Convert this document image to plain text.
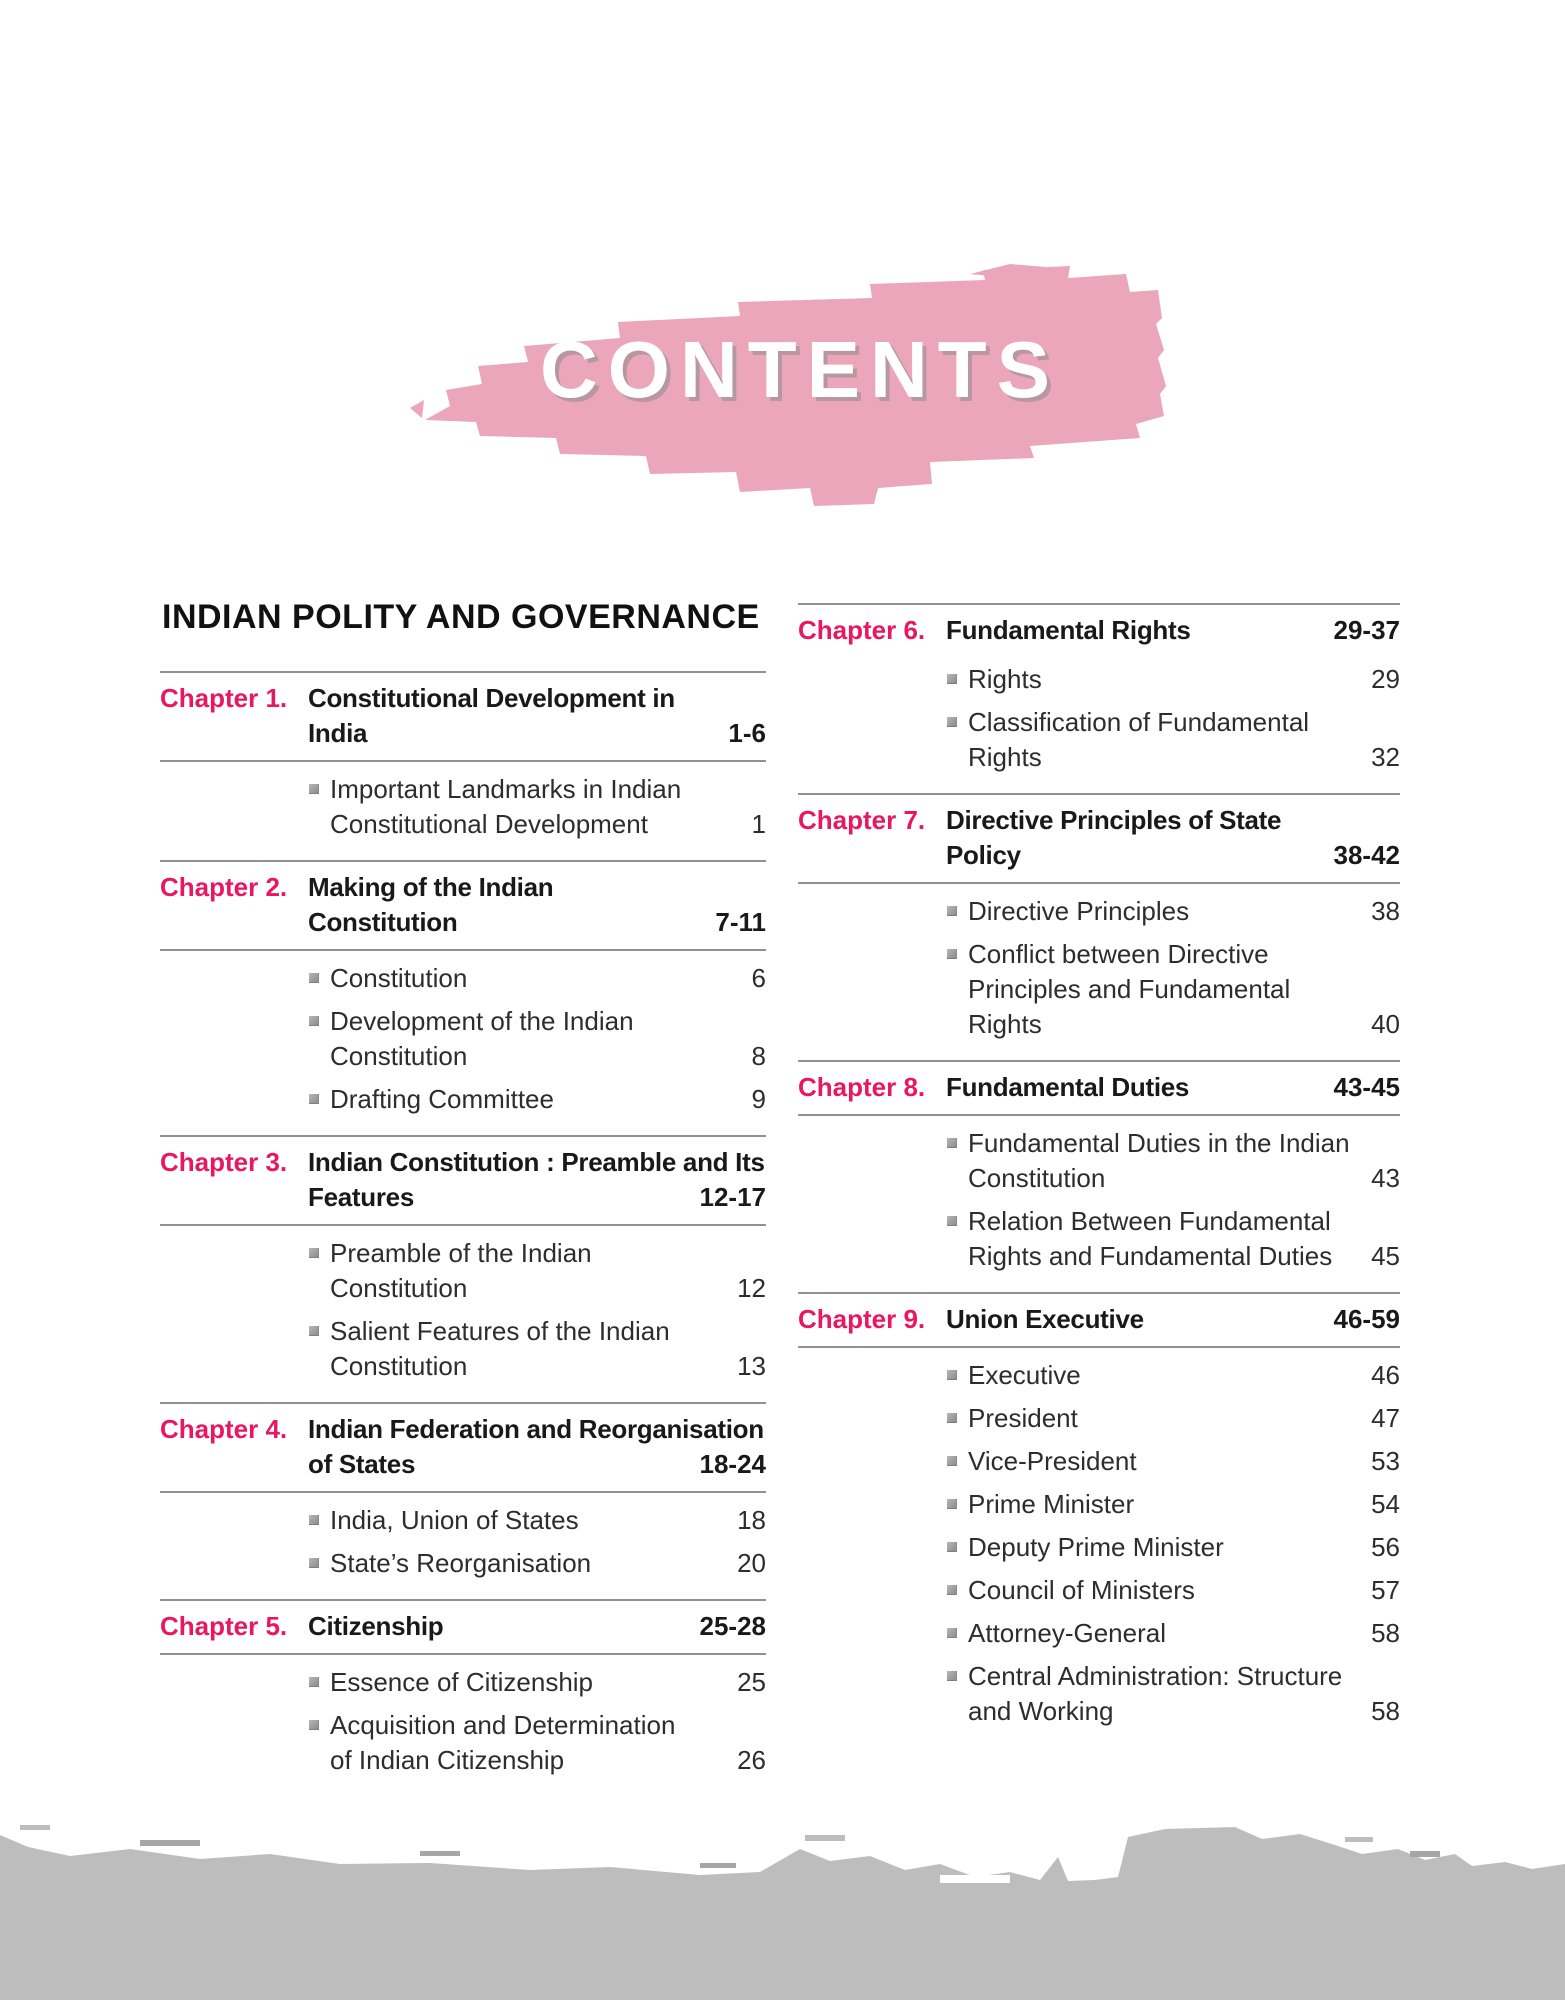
CONTENTS
INDIAN POLITY AND GOVERNANCE
Chapter 1. Constitutional Development in
India	1-6
Important Landmarks in Indian
Constitutional Development	1
Chapter 2. Making of the Indian
Constitution	7-11
Constitution	6
Development of the Indian
Constitution	8
Drafting Committee	9
Chapter 3. Indian Constitution : Preamble and Its
Features	12-17
Preamble of the Indian
Constitution	12
Salient Features of the Indian
Constitution	13
Chapter 4. Indian Federation and Reorganisation
of States	18-24
India, Union of States	18
State’s Reorganisation	20
Chapter 5. Citizenship	25-28
Essence of Citizenship	25
Acquisition and Determination
of Indian Citizenship	26
Chapter 6. Fundamental Rights	29-37
Rights	29
Classification of Fundamental
Rights	32
Chapter 7. Directive Principles of State
Policy	38-42
Directive Principles	38
Conflict between Directive
Principles and Fundamental
Rights	40
Chapter 8. Fundamental Duties	43-45
Fundamental Duties in the Indian
Constitution	43
Relation Between Fundamental
Rights and Fundamental Duties	45
Chapter 9. Union Executive	46-59
Executive	46
President	47
Vice-President	53
Prime Minister	54
Deputy Prime Minister	56
Council of Ministers	57
Attorney-General	58
Central Administration: Structure
and Working	58
